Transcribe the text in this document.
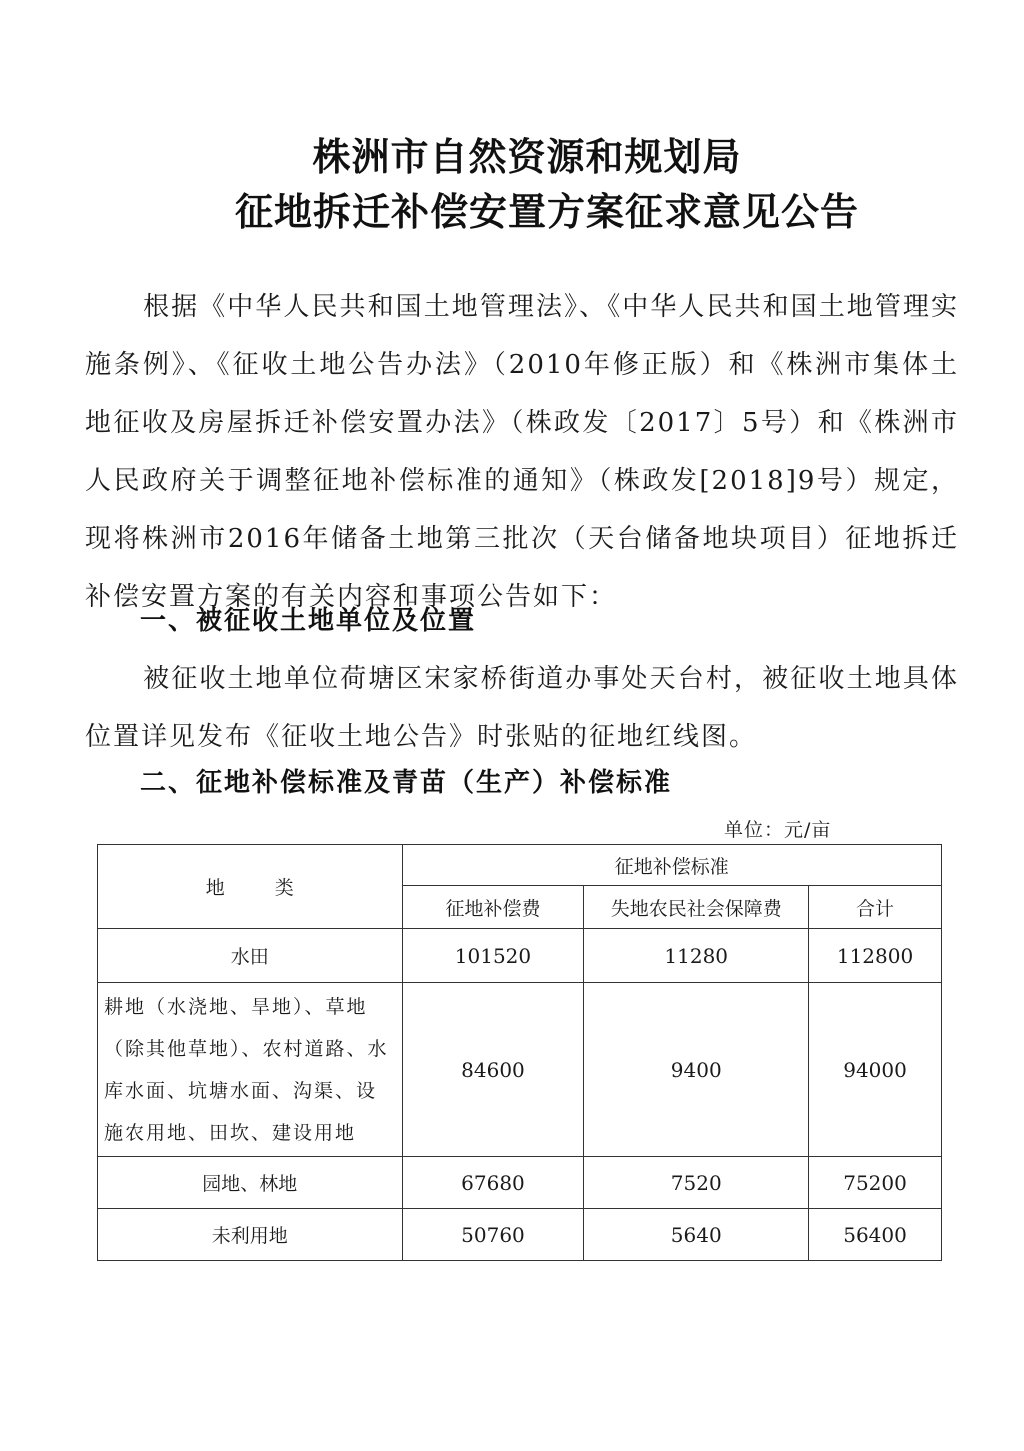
株洲市自然资源和规划局
征地拆迁补偿安置方案征求意见公告
根据《中华人民共和国土地管理法》、《中华人民共和国土地管理实施条例》、《征收土地公告办法》（2010年修正版）和《株洲市集体土地征收及房屋拆迁补偿安置办法》（株政发〔2017〕5号）和《株洲市人民政府关于调整征地补偿标准的通知》（株政发[2018]9号）规定，现将株洲市2016年储备土地第三批次（天台储备地块项目）征地拆迁补偿安置方案的有关内容和事项公告如下：
一、被征收土地单位及位置
被征收土地单位荷塘区宋家桥街道办事处天台村，被征收土地具体位置详见发布《征收土地公告》时张贴的征地红线图。
二、征地补偿标准及青苗（生产）补偿标准
单位：元/亩
地 类	征地补偿标准		
	征地补偿费	失地农民社会保障费	合计
水田	101520	11280	112800
耕地（水浇地、旱地）、草地（除其他草地）、农村道路、水库水面、坑塘水面、沟渠、设施农用地、田坎、建设用地	84600	9400	94000
园地、林地	67680	7520	75200
未利用地	50760	5640	56400
